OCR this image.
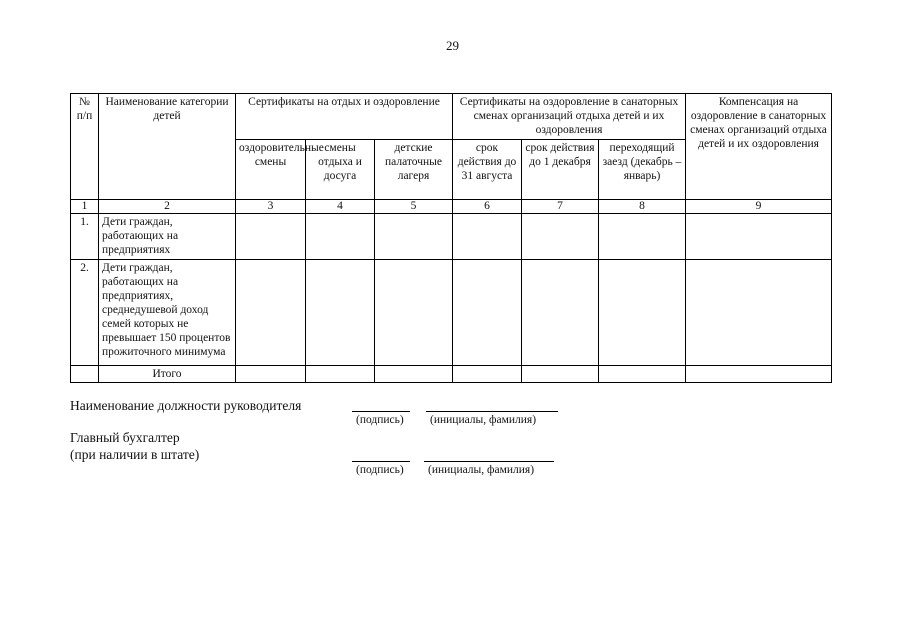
29
№ п/п	Наименование категории детей	Сертификаты на отдых и оздоровление			Сертификаты на оздоровление в санаторных сменах организаций отдыха детей и их оздоровления			Компенсация на оздоровление в санаторных сменах организаций отдыха детей и их оздоровления
		оздоровительные смены	смены отдыха и досуга	детские палаточные лагеря	срок действия до 31 августа	срок действия до 1 декабря	переходящий заезд (декабрь – январь)	
1	2	3	4	5	6	7	8	9
1.	Дети граждан, работающих на предприятиях							
2.	Дети граждан, работающих на предприятиях, среднедушевой доход семей которых не превышает 150 процентов прожиточного минимума							
	Итого							
Наименование должности руководителя
(подпись) (инициалы, фамилия)
Главный бухгалтер
(при наличии в штате)
(подпись) (инициалы, фамилия)
